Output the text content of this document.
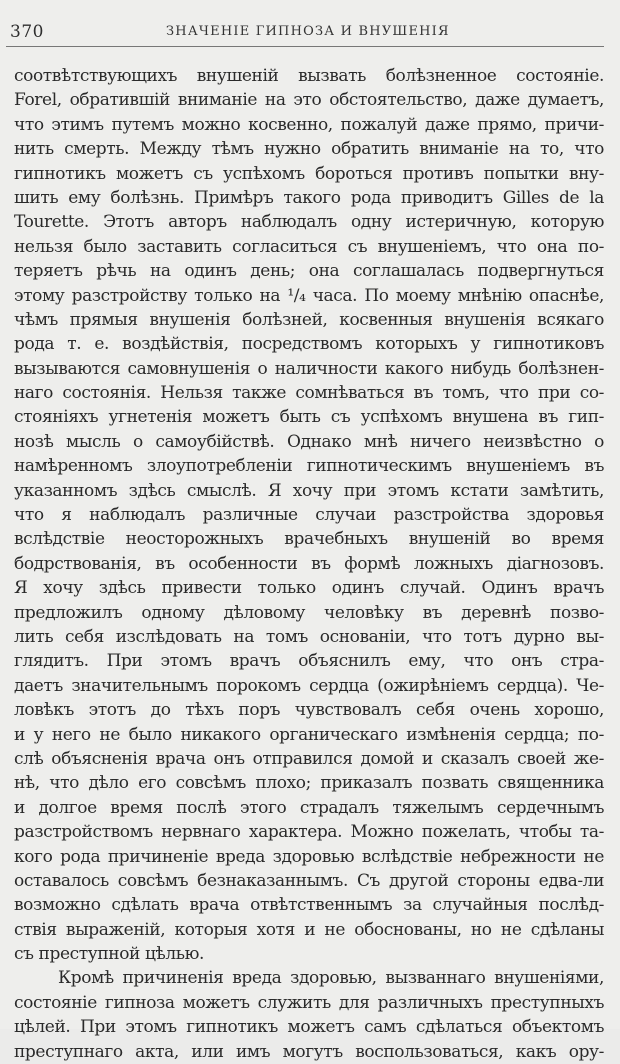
370	ЗНАЧЕНІЕ ГИПНОЗА И ВНУШЕНІЯ
соотвѣтствующихъ внушеній вызвать болѣзненное состояніе.
Forel, обратившій вниманіе на это обстоятельство, даже думаетъ,
что этимъ путемъ можно косвенно, пожалуй даже прямо, причи-
нить смерть. Между тѣмъ нужно обратить вниманіе на то, что
гипнотикъ можетъ съ успѣхомъ бороться противъ попытки вну-
шить ему болѣзнь. Примѣръ такого рода приводитъ Gilles de la
Tourette. Этотъ авторъ наблюдалъ одну истеричную, которую
нельзя было заставить согласиться съ внушеніемъ, что она по-
теряетъ рѣчь на одинъ день; она соглашалась подвергнуться
этому разстройству только на ¹/₄ часа. По моему мнѣнію опаснѣе,
чѣмъ прямыя внушенія болѣзней, косвенныя внушенія всякаго
рода т. е. воздѣйствія, посредствомъ которыхъ у гипнотиковъ
вызываются самовнушенія о наличности какого нибудь болѣзнен-
наго состоянія. Нельзя также сомнѣваться въ томъ, что при со-
стояніяхъ угнетенія можетъ быть съ успѣхомъ внушена въ гип-
нозѣ мысль о самоубійствѣ. Однако мнѣ ничего неизвѣстно о
намѣренномъ злоупотребленіи гипнотическимъ внушеніемъ въ
указанномъ здѣсь смыслѣ. Я хочу при этомъ кстати замѣтить,
что я наблюдалъ различные случаи разстройства здоровья
вслѣдствіе неосторожныхъ врачебныхъ внушеній во время
бодрствованія, въ особенности въ формѣ ложныхъ діагнозовъ.
Я хочу здѣсь привести только одинъ случай. Одинъ врачъ
предложилъ одному дѣловому человѣку въ деревнѣ позво-
лить себя изслѣдовать на томъ основаніи, что тотъ дурно вы-
глядитъ. При этомъ врачъ объяснилъ ему, что онъ стра-
даетъ значительнымъ порокомъ сердца (ожирѣніемъ сердца). Че-
ловѣкъ этотъ до тѣхъ поръ чувствовалъ себя очень хорошо,
и у него не было никакого органическаго измѣненія сердца; по-
слѣ объясненія врача онъ отправился домой и сказалъ своей же-
нѣ, что дѣло его совсѣмъ плохо; приказалъ позвать священника
и долгое время послѣ этого страдалъ тяжелымъ сердечнымъ
разстройствомъ нервнаго характера. Можно пожелать, чтобы та-
кого рода причиненіе вреда здоровью вслѣдствіе небрежности не
оставалось совсѣмъ безнаказаннымъ. Съ другой стороны едва-ли
возможно сдѣлать врача отвѣтственнымъ за случайныя послѣд-
ствія выраженій, которыя хотя и не обоснованы, но не сдѣланы
съ преступной цѣлью.
Кромѣ причиненія вреда здоровью, вызваннаго внушеніями,
состояніе гипноза можетъ служить для различныхъ преступныхъ
цѣлей. При этомъ гипнотикъ можетъ самъ сдѣлаться объектомъ
преступнаго акта, или имъ могутъ воспользоваться, какъ ору-
